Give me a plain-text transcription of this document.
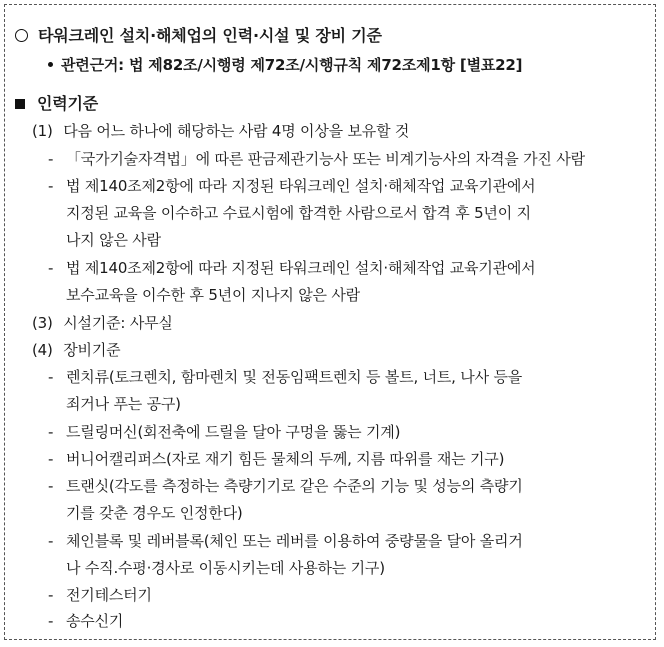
타워크레인 설치·해체업의 인력·시설 및 장비 기준
관련근거: 법 제82조/시행령 제72조/시행규칙 제72조제1항 [별표22]
인력기준
(1) 다음 어느 하나에 해당하는 사람 4명 이상을 보유할 것
- 「국가기술자격법」에 따른 판금제관기능사 또는 비계기능사의 자격을 가진 사람
- 법 제140조제2항에 따라 지정된 타워크레인 설치·해체작업 교육기관에서
지정된 교육을 이수하고 수료시험에 합격한 사람으로서 합격 후 5년이 지
나지 않은 사람
- 법 제140조제2항에 따라 지정된 타워크레인 설치·해체작업 교육기관에서
보수교육을 이수한 후 5년이 지나지 않은 사람
(3) 시설기준: 사무실
(4) 장비기준
- 렌치류(토크렌치, 함마렌치 및 전동임팩트렌치 등 볼트, 너트, 나사 등을
죄거나 푸는 공구)
- 드릴링머신(회전축에 드릴을 달아 구멍을 뚫는 기계)
- 버니어캘리퍼스(자로 재기 힘든 물체의 두께, 지름 따위를 재는 기구)
- 트랜싯(각도를 측정하는 측량기기로 같은 수준의 기능 및 성능의 측량기
기를 갖춘 경우도 인정한다)
- 체인블록 및 레버블록(체인 또는 레버를 이용하여 중량물을 달아 올리거
나 수직.수평·경사로 이동시키는데 사용하는 기구)
- 전기테스터기
- 송수신기
